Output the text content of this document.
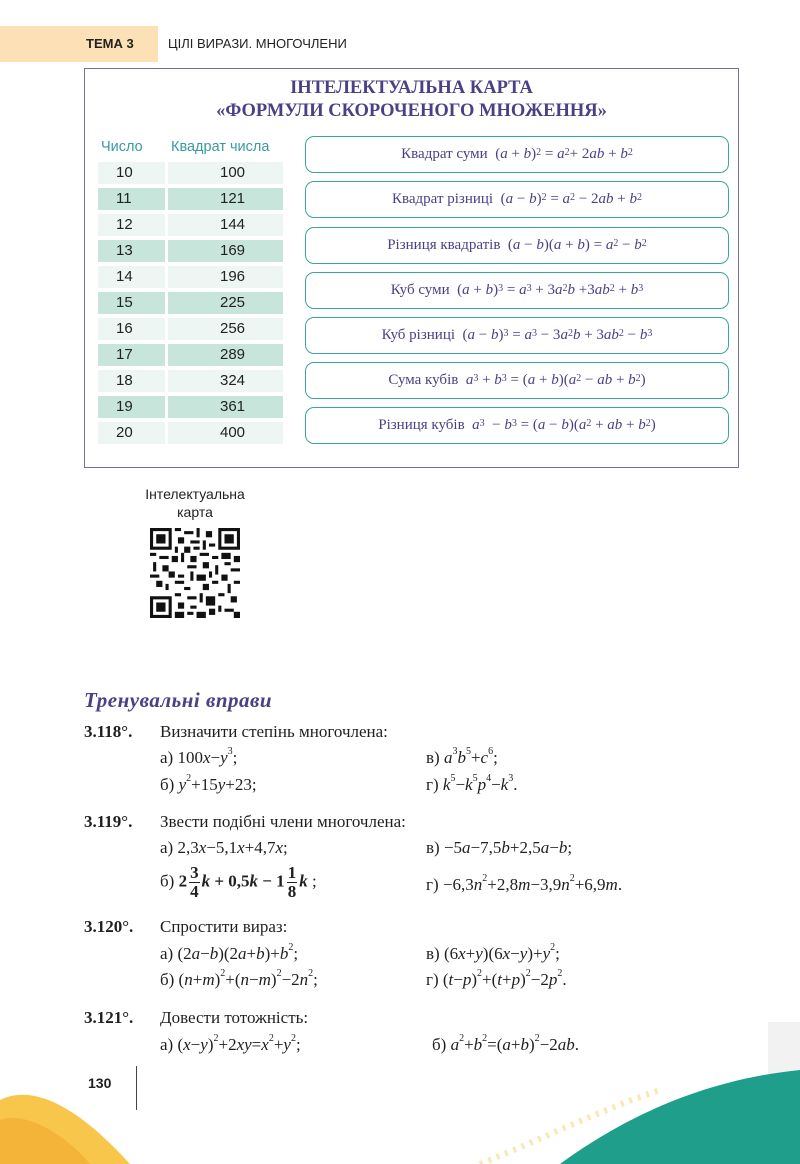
ТЕМА 3	ЦІЛІ ВИРАЗИ. МНОГОЧЛЕНИ
ІНТЕЛЕКТУАЛЬНА КАРТА
«ФОРМУЛИ СКОРОЧЕНОГО МНОЖЕННЯ»
Число Квадрат числа
10	100
11	121
12	144
13	169
14	196
15	225
16	256
17	289
18	324
19	361
20	400
Квадрат суми ( a + b )$^2 = a^2 + 2$ ab + $b^2$
Квадрат різниці ( a − b )$^2 = a^2 - 2$ ab + $b^2$
Різниця квадратів ( a − b )( a + b ) = $a^2 - b^2$
Куб суми ( a + b )$^3 = a^3 + 3$ $a^2$ b +3 $ab^2 + b^3$
Куб різниці ( a − b )$^3 = a^3 - 3$ $a^2$ b + 3 $ab^2 - b^3$
Сума кубів
$a^3 + b^3$ = ( a + b )( $a^2$ − ab + $b^2$ )
Різниця кубів
$a^3 - b^3$ = ( a − b )( $a^2$ + ab + $b^2$ )
Інтелектуальна
карта
Тренувальні вправи
3.118°. Визначити степінь многочлена:
а) $100x-y^3$;	в) $a^3b^5+c^6$;
б) $y^2+15y+23$;	г) $k^5-k^5p^4-k^3$.
3.119°. Звести подібні члени многочлена:
а) 2,3x−5,1x+4,7x;	в) −5a−7,5b+2,5a−b;
б) $2 \frac{3}{4}$ $k + 0,5k - 1 \frac{1}{8}$ k ;	$г) -6,3n^2+2,8m-3,9n^2+6,9m$.
3.120°. Спростити вираз:
а) $(2a-b)(2a+b)+b^2$;	в) $(6x+y)(6x-y)+y^2$;
б) $(n+m)^2+(n-m)^2-2n^2$;	г) $(t-p)^2+(t+p)^2-2p^2$.
3.121°. Довести тотожність:
а) $(x-y)^2+2xy=x^2+y^2$;	б) $a^2+b^2=(a+b)^2-2ab$.
130
